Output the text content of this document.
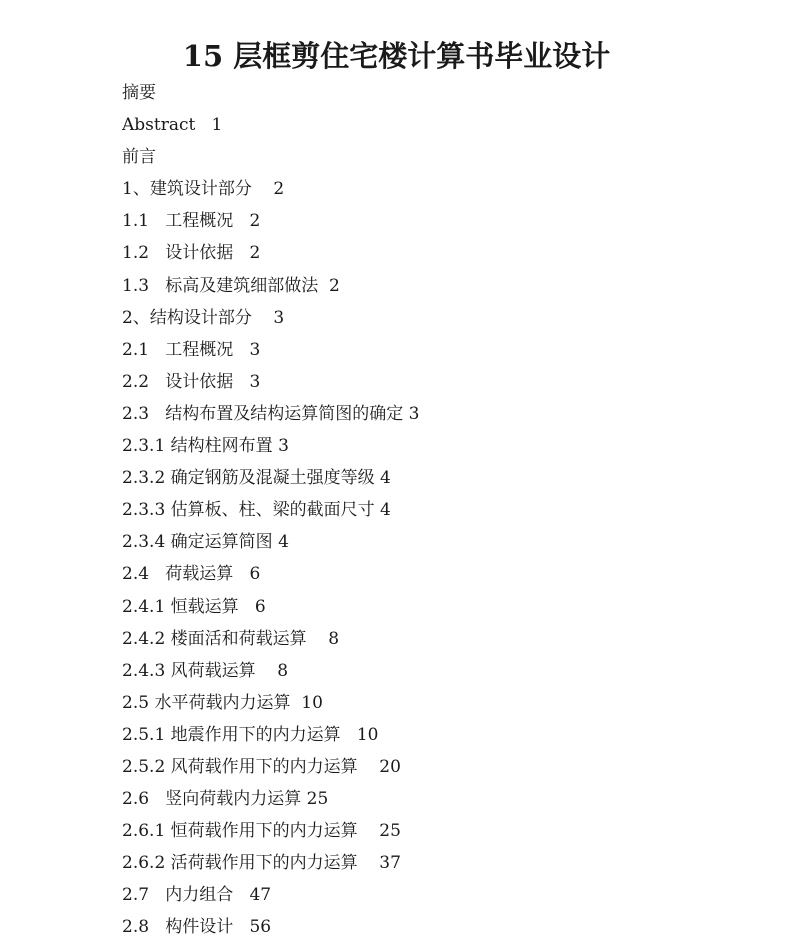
15 层框剪住宅楼计算书毕业设计
摘要
Abstract   1
前言
1、建筑设计部分    2
1.1   工程概况   2
1.2   设计依据   2
1.3   标高及建筑细部做法  2
2、结构设计部分    3
2.1   工程概况   3
2.2   设计依据   3
2.3   结构布置及结构运算简图的确定 3
2.3.1 结构柱网布置 3
2.3.2 确定钢筋及混凝土强度等级 4
2.3.3 估算板、柱、梁的截面尺寸 4
2.3.4 确定运算简图 4
2.4   荷载运算   6
2.4.1 恒载运算   6
2.4.2 楼面活和荷载运算    8
2.4.3 风荷载运算    8
2.5 水平荷载内力运算  10
2.5.1 地震作用下的内力运算   10
2.5.2 风荷载作用下的内力运算    20
2.6   竖向荷载内力运算 25
2.6.1 恒荷载作用下的内力运算    25
2.6.2 活荷载作用下的内力运算    37
2.7   内力组合   47
2.8   构件设计   56
